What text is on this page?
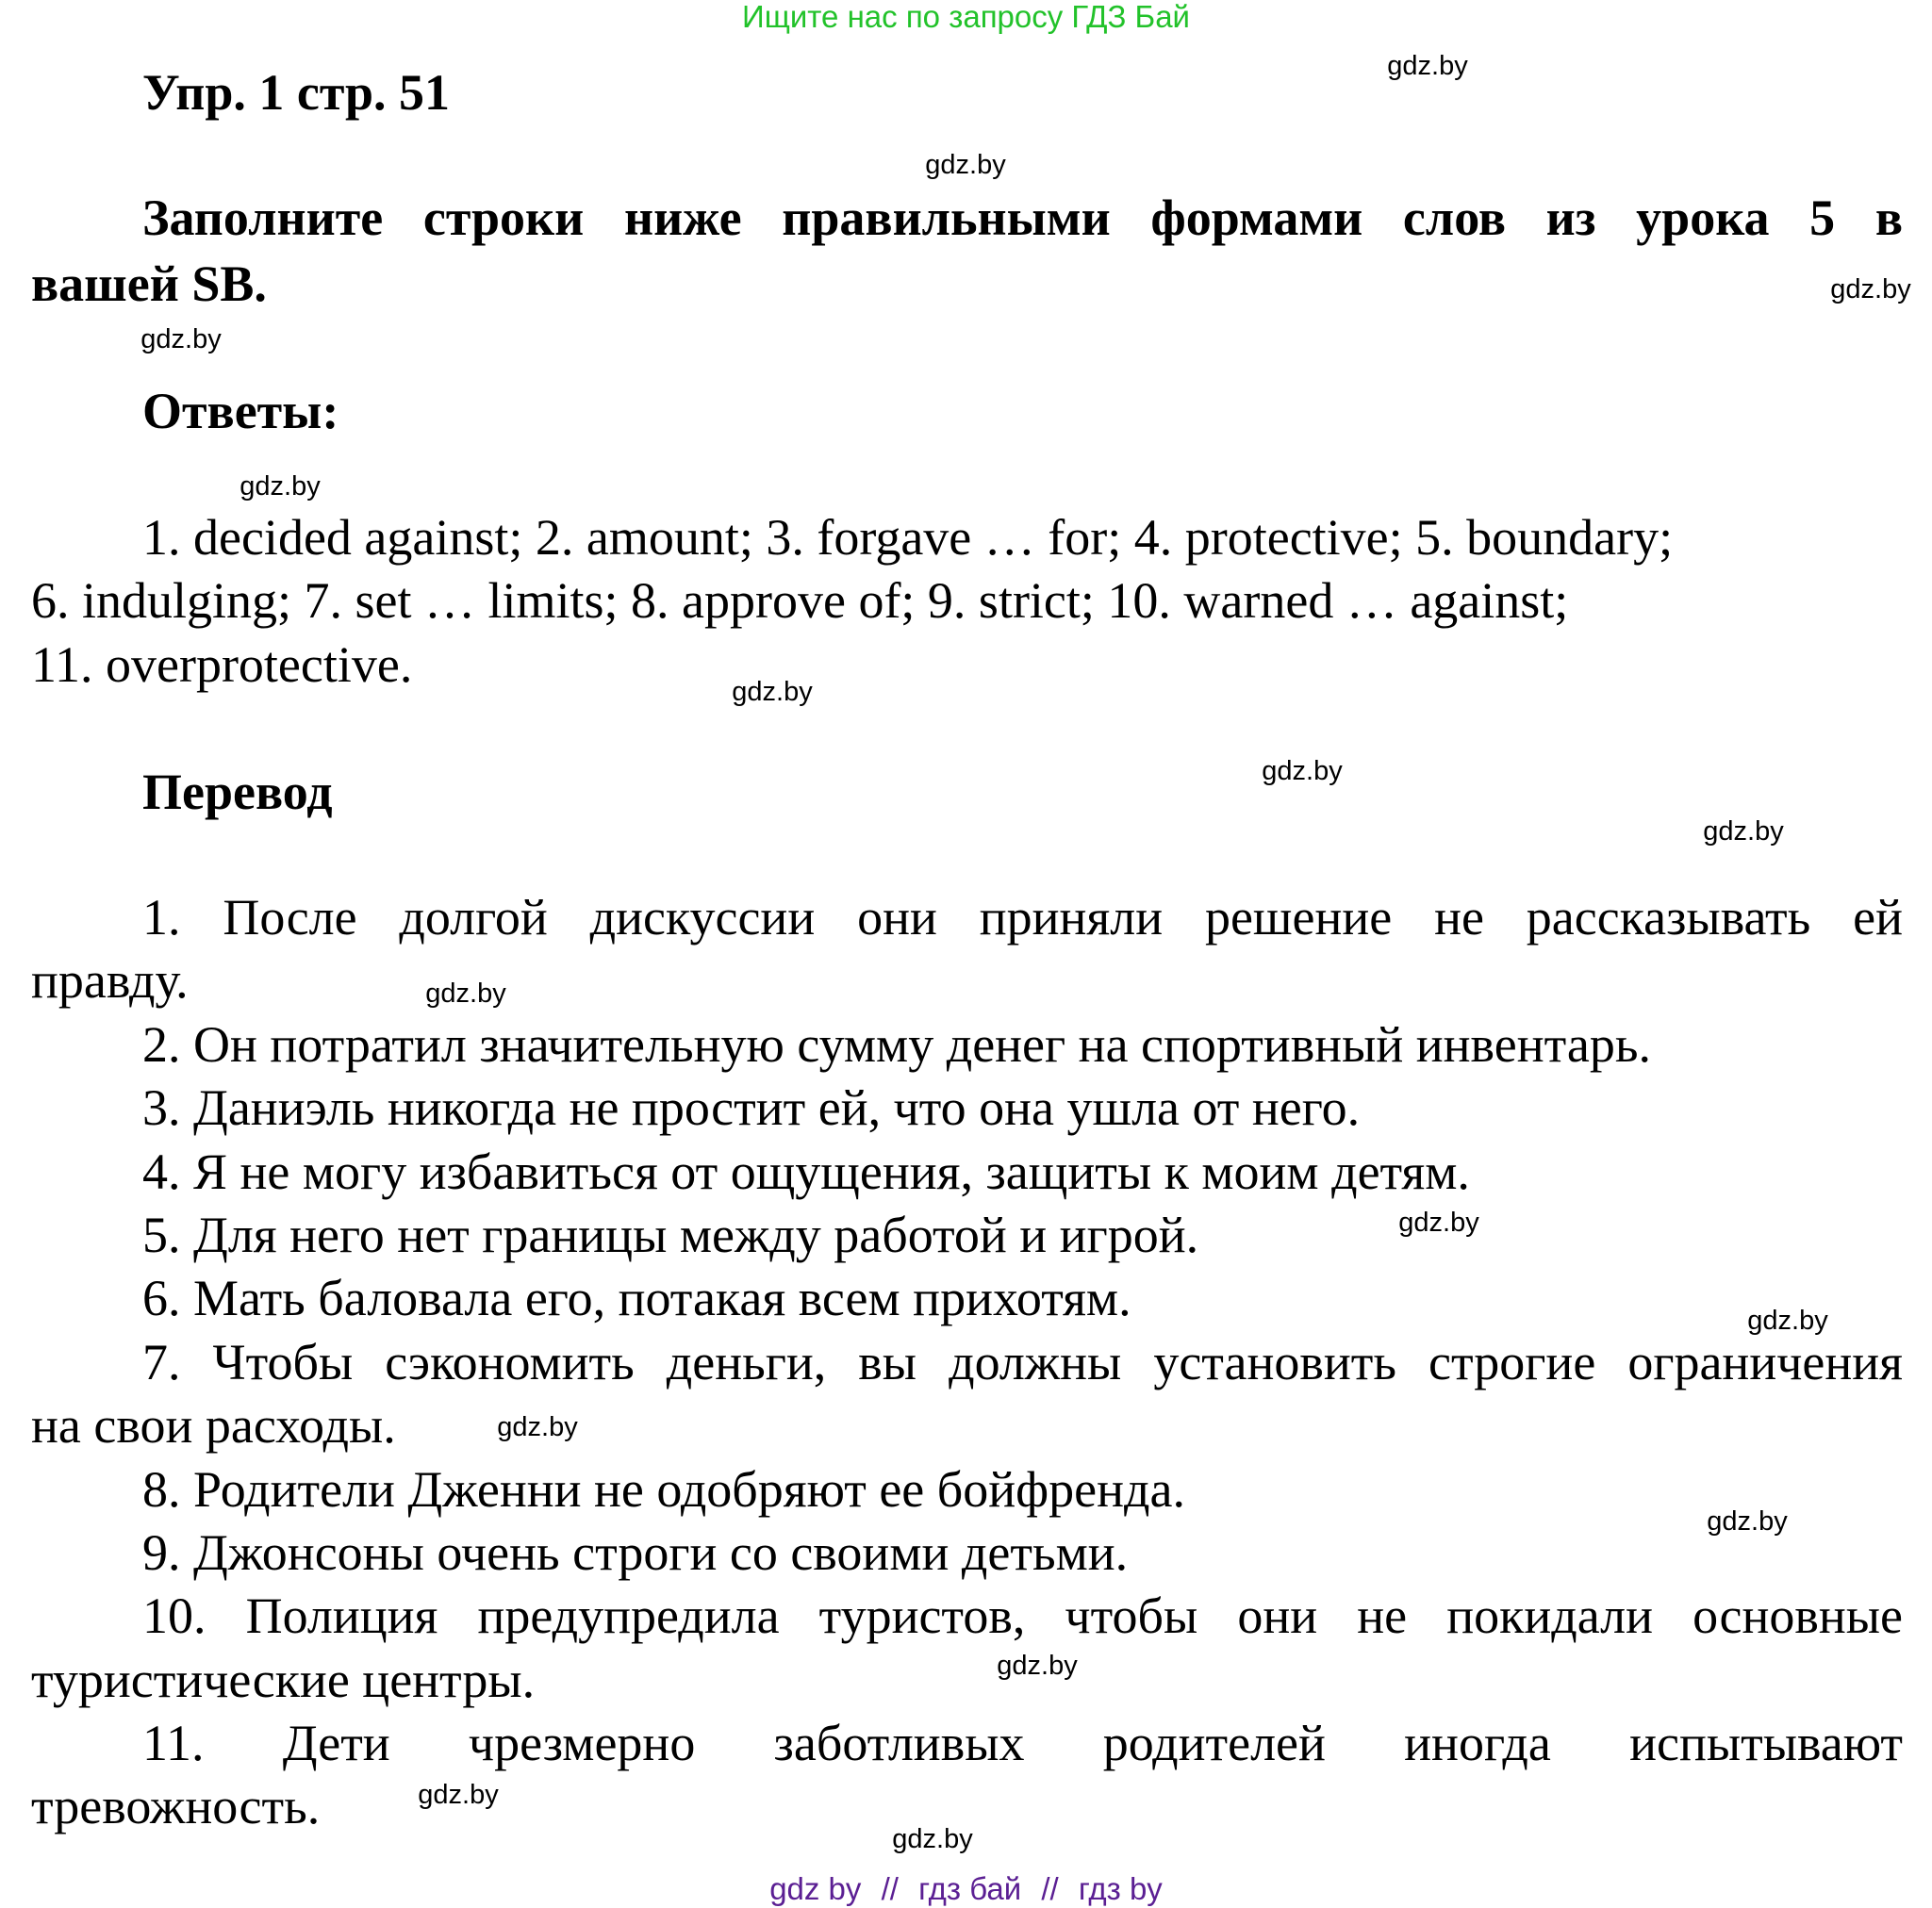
Ищите нас по запросу ГДЗ Бай
Упр. 1 стр. 51
Заполните строки ниже правильными формами слов из урока 5 в
вашей SB.
Ответы:
1. decided against; 2. amount; 3. forgave … for; 4. protective; 5. boundary;
6. indulging; 7. set … limits; 8. approve of; 9. strict; 10. warned … against;
11. overprotective.
Перевод
1. После долгой дискуссии они приняли решение не рассказывать ей
правду.
2. Он потратил значительную сумму денег на спортивный инвентарь.
3. Даниэль никогда не простит ей, что она ушла от него.
4. Я не могу избавиться от ощущения, защиты к моим детям.
5. Для него нет границы между работой и игрой.
6. Мать баловала его, потакая всем прихотям.
7. Чтобы сэкономить деньги, вы должны установить строгие ограничения
на свои расходы.
8. Родители Дженни не одобряют ее бойфренда.
9. Джонсоны очень строги со своими детьми.
10. Полиция предупредила туристов, чтобы они не покидали основные
туристические центры.
11. Дети чрезмерно заботливых родителей иногда испытывают
тревожность.
gdz.by
gdz.by
gdz.by
gdz.by
gdz.by
gdz.by
gdz.by
gdz.by
gdz.by
gdz.by
gdz.by
gdz.by
gdz.by
gdz.by
gdz.by
gdz.by
gdz by // гдз бай // гдз by
